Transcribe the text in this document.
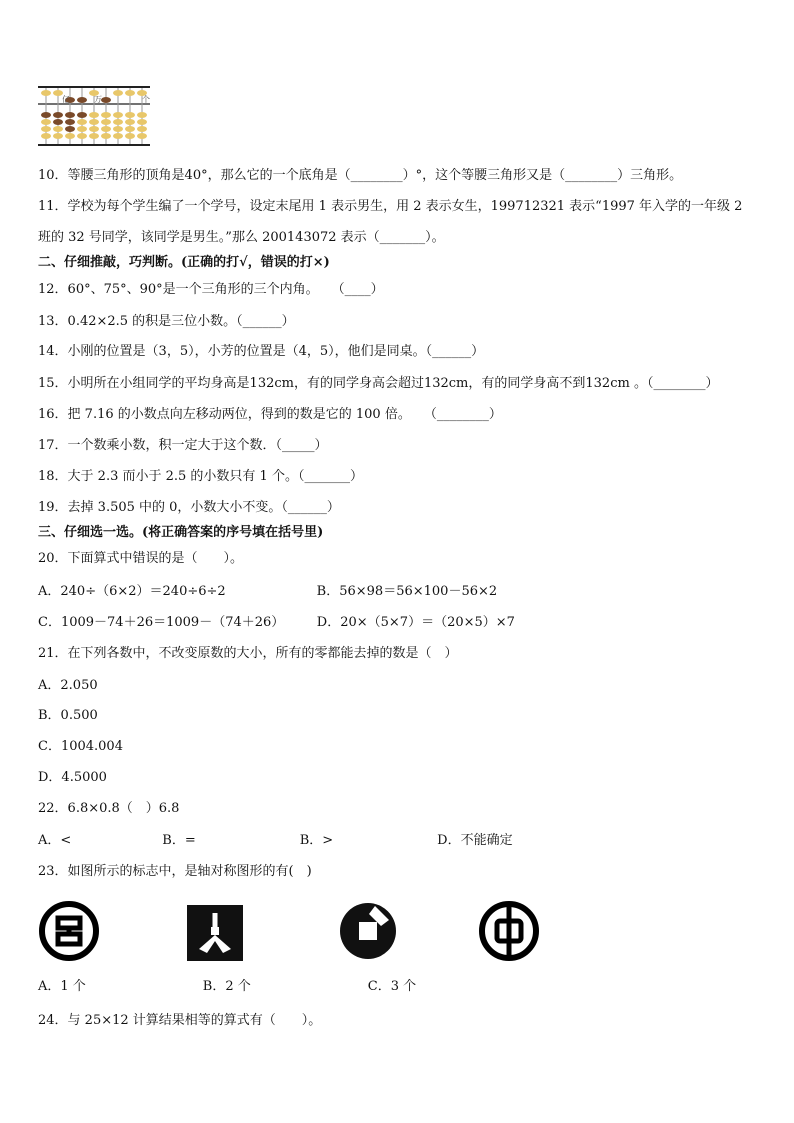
亿	万	个
10．等腰三角形的顶角是40°，那么它的一个底角是（________）°，这个等腰三角形又是（________）三角形。
11．学校为每个学生编了一个学号，设定末尾用 1 表示男生，用 2 表示女生，199712321 表示“1997 年入学的一年级 2
班的 32 号同学，该同学是男生。”那么 200143072 表示（_______）。
二、仔细推敲，巧判断。(正确的打√，错误的打×)
12．60°、75°、90°是一个三角形的三个内角。　　（____）
13．0.42×2.5 的积是三位小数。（______）
14．小刚的位置是（3，5），小芳的位置是（4，5），他们是同桌。（______）
15．小明所在小组同学的平均身高是132cm，有的同学身高会超过132cm，有的同学身高不到132cm 。（________）
16．把 7.16 的小数点向左移动两位，得到的数是它的 100 倍。　　（________）
17．一个数乘小数，积一定大于这个数．（_____）
18．大于 2.3 而小于 2.5 的小数只有 1 个。（_______）
19．去掉 3.505 中的 0，小数大小不变。（______）
三、仔细选一选。(将正确答案的序号填在括号里)
20．下面算式中错误的是（　　）。
A．240÷（6×2）＝240÷6÷2　　　　　　　B．56×98＝56×100－56×2
C．1009－74＋26＝1009－（74＋26）　　　D．20×（5×7）＝（20×5）×7
21．在下列各数中，不改变原数的大小，所有的零都能去掉的数是（　）
A．2.050
B．0.500
C．1004.004
D．4.5000
22．6.8×0.8（　）6.8
A．<　　　　　　　B．=　　　　　　　　B．>　　　　　　　　D．不能确定
23．如图所示的标志中，是轴对称图形的有(　)
A．1 个　　　　　　　　　B．2 个　　　　　　　　　C．3 个
24．与 25×12 计算结果相等的算式有（　　）。
